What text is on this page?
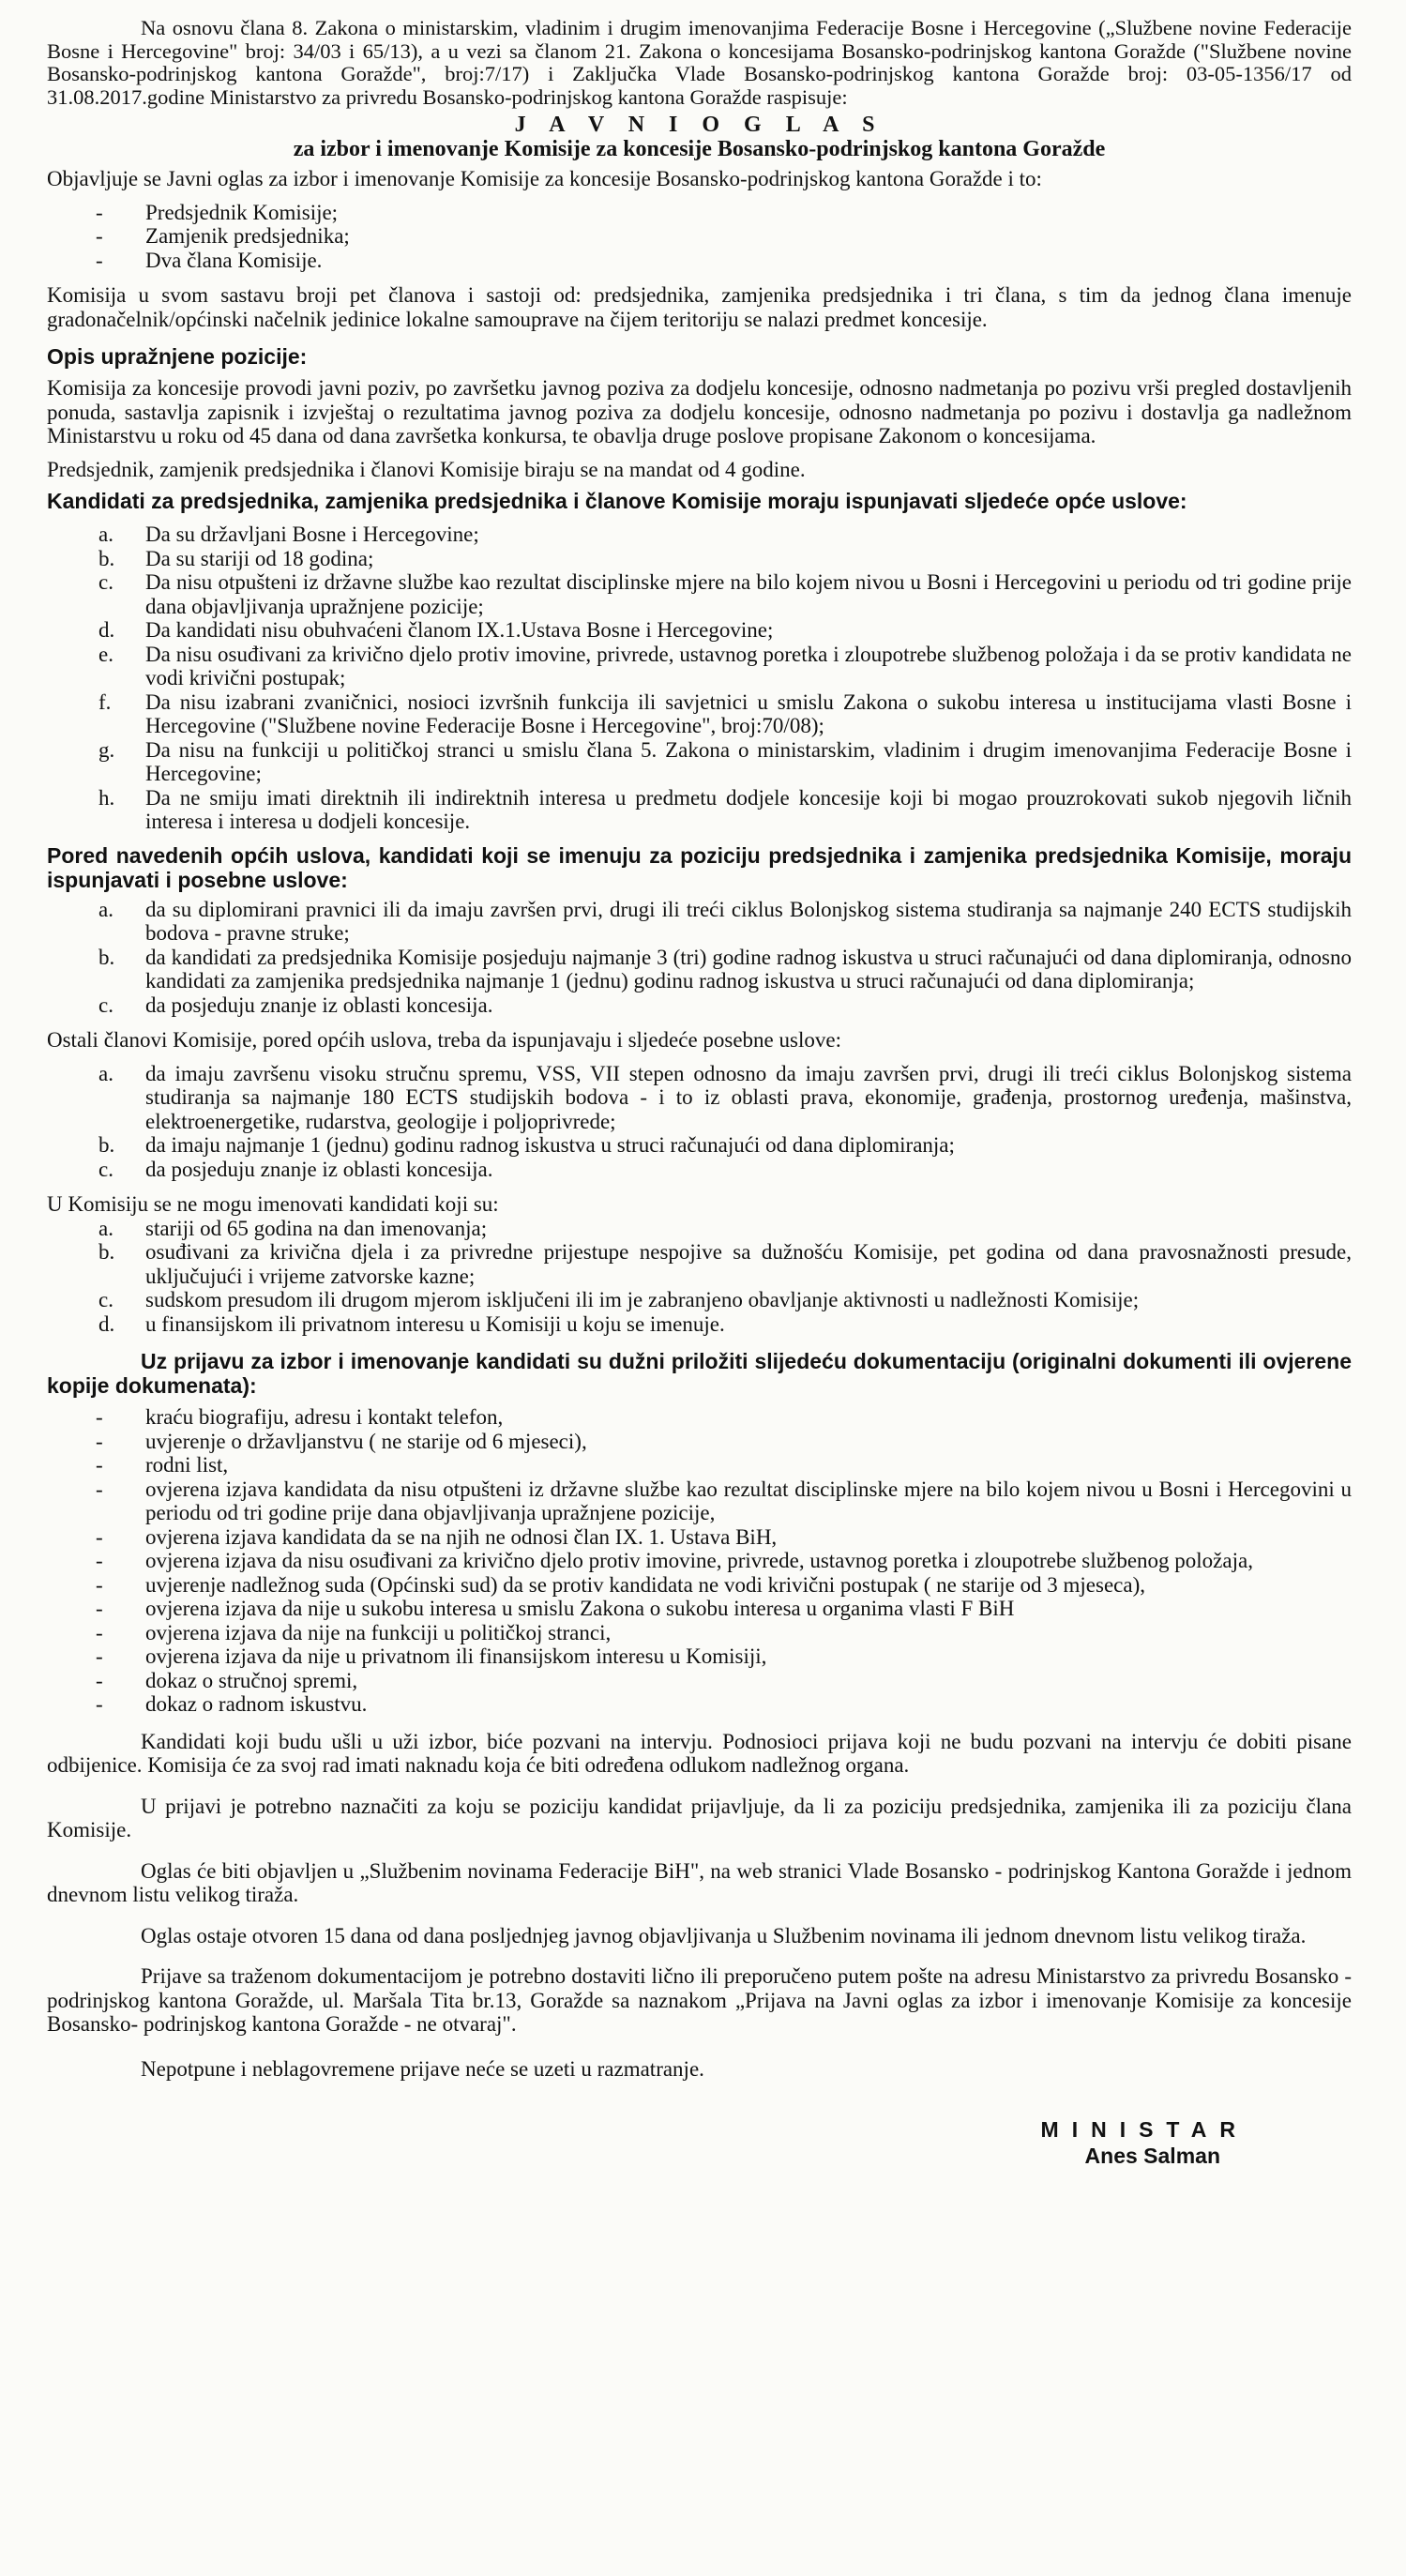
Na osnovu člana 8. Zakona o ministarskim, vladinim i drugim imenovanjima Federacije Bosne i Hercegovine („Službene novine Federacije Bosne i Hercegovine" broj: 34/03 i 65/13), a u vezi sa članom 21. Zakona o koncesijama Bosansko-podrinjskog kantona Goražde ("Službene novine Bosansko-podrinjskog kantona Goražde", broj:7/17) i Zaključka Vlade Bosansko-podrinjskog kantona Goražde broj: 03-05-1356/17 od 31.08.2017.godine Ministarstvo za privredu Bosansko-podrinjskog kantona Goražde raspisuje:

J A V N I O G L A S

za izbor i imenovanje Komisije za koncesije Bosansko-podrinjskog kantona Goražde

Objavljuje se Javni oglas za izbor i imenovanje Komisije za koncesije Bosansko-podrinjskog kantona Goražde i to:

- Predsjednik Komisije;
- Zamjenik predsjednika;
- Dva člana Komisije.

Komisija u svom sastavu broji pet članova i sastoji od: predsjednika, zamjenika predsjednika i tri člana, s tim da jednog člana imenuje gradonačelnik/općinski načelnik jedinice lokalne samouprave na čijem teritoriju se nalazi predmet koncesije.

Opis upražnjene pozicije:

Komisija za koncesije provodi javni poziv, po završetku javnog poziva za dodjelu koncesije, odnosno nadmetanja po pozivu vrši pregled dostavljenih ponuda, sastavlja zapisnik i izvještaj o rezultatima javnog poziva za dodjelu koncesije, odnosno nadmetanja po pozivu i dostavlja ga nadležnom Ministarstvu u roku od 45 dana od dana završetka konkursa, te obavlja druge poslove propisane Zakonom o koncesijama.

Predsjednik, zamjenik predsjednika i članovi Komisije biraju se na mandat od 4 godine.

Kandidati za predsjednika, zamjenika predsjednika i članove Komisije moraju ispunjavati sljedeće opće uslove:

a. Da su državljani Bosne i Hercegovine;
b. Da su stariji od 18 godina;
c. Da nisu otpušteni iz državne službe kao rezultat disciplinske mjere na bilo kojem nivou u Bosni i Hercegovini u periodu od tri godine prije dana objavljivanja upražnjene pozicije;
d. Da kandidati nisu obuhvaćeni članom IX.1.Ustava Bosne i Hercegovine;
e. Da nisu osuđivani za krivično djelo protiv imovine, privrede, ustavnog poretka i zloupotrebe službenog položaja i da se protiv kandidata ne vodi krivični postupak;
f. Da nisu izabrani zvaničnici, nosioci izvršnih funkcija ili savjetnici u smislu Zakona o sukobu interesa u institucijama vlasti Bosne i Hercegovine ("Službene novine Federacije Bosne i Hercegovine", broj:70/08);
g. Da nisu na funkciji u političkoj stranci u smislu člana 5. Zakona o ministarskim, vladinim i drugim imenovanjima Federacije Bosne i Hercegovine;
h. Da ne smiju imati direktnih ili indirektnih interesa u predmetu dodjele koncesije koji bi mogao prouzrokovati sukob njegovih ličnih interesa i interesa u dodjeli koncesije.

Pored navedenih općih uslova, kandidati koji se imenuju za poziciju predsjednika i zamjenika predsjednika Komisije, moraju ispunjavati i posebne uslove:

a. da su diplomirani pravnici ili da imaju završen prvi, drugi ili treći ciklus Bolonjskog sistema studiranja sa najmanje 240 ECTS studijskih bodova - pravne struke;
b. da kandidati za predsjednika Komisije posjeduju najmanje 3 (tri) godine radnog iskustva u struci računajući od dana diplomiranja, odnosno kandidati za zamjenika predsjednika najmanje 1 (jednu) godinu radnog iskustva u struci računajući od dana diplomiranja;
c. da posjeduju znanje iz oblasti koncesija.

Ostali članovi Komisije, pored općih uslova, treba da ispunjavaju i sljedeće posebne uslove:

a. da imaju završenu visoku stručnu spremu, VSS, VII stepen odnosno da imaju završen prvi, drugi ili treći ciklus Bolonjskog sistema studiranja sa najmanje 180 ECTS studijskih bodova - i to iz oblasti prava, ekonomije, građenja, prostornog uređenja, mašinstva, elektroenergetike, rudarstva, geologije i poljoprivrede;
b. da imaju najmanje 1 (jednu) godinu radnog iskustva u struci računajući od dana diplomiranja;
c. da posjeduju znanje iz oblasti koncesija.

U Komisiju se ne mogu imenovati kandidati koji su:

a. stariji od 65 godina na dan imenovanja;
b. osuđivani za krivična djela i za privredne prijestupe nespojive sa dužnošću Komisije, pet godina od dana pravosnažnosti presude, uključujući i vrijeme zatvorske kazne;
c. sudskom presudom ili drugom mjerom isključeni ili im je zabranjeno obavljanje aktivnosti u nadležnosti Komisije;
d. u finansijskom ili privatnom interesu u Komisiji u koju se imenuje.

Uz prijavu za izbor i imenovanje kandidati su dužni priložiti slijedeću dokumentaciju (originalni dokumenti ili ovjerene kopije dokumenata):

- kraću biografiju, adresu i kontakt telefon,
- uvjerenje o državljanstvu ( ne starije od 6 mjeseci),
- rodni list,
- ovjerena izjava kandidata da nisu otpušteni iz državne službe kao rezultat disciplinske mjere na bilo kojem nivou u Bosni i Hercegovini u periodu od tri godine prije dana objavljivanja upražnjene pozicije,
- ovjerena izjava kandidata da se na njih ne odnosi član IX. 1. Ustava BiH,
- ovjerena izjava da nisu osuđivani za krivično djelo protiv imovine, privrede, ustavnog poretka i zloupotrebe službenog položaja,
- uvjerenje nadležnog suda (Općinski sud) da se protiv kandidata ne vodi krivični postupak ( ne starije od 3 mjeseca),
- ovjerena izjava da nije u sukobu interesa u smislu Zakona o sukobu interesa u organima vlasti F BiH
- ovjerena izjava da nije na funkciji u političkoj stranci,
- ovjerena izjava da nije u privatnom ili finansijskom interesu u Komisiji,
- dokaz o stručnoj spremi,
- dokaz o radnom iskustvu.

Kandidati koji budu ušli u uži izbor, biće pozvani na intervju. Podnosioci prijava koji ne budu pozvani na intervju će dobiti pisane odbijenice. Komisija će za svoj rad imati naknadu koja će biti određena odlukom nadležnog organa.

U prijavi je potrebno naznačiti za koju se poziciju kandidat prijavljuje, da li za poziciju predsjednika, zamjenika ili za poziciju člana Komisije.

Oglas će biti objavljen u „Službenim novinama Federacije BiH", na web stranici Vlade Bosansko - podrinjskog Kantona Goražde i jednom dnevnom listu velikog tiraža.

Oglas ostaje otvoren 15 dana od dana posljednjeg javnog objavljivanja u Službenim novinama ili jednom dnevnom listu velikog tiraža.

Prijave sa traženom dokumentacijom je potrebno dostaviti lično ili preporučeno putem pošte na adresu Ministarstvo za privredu Bosansko - podrinjskog kantona Goražde, ul. Maršala Tita br.13, Goražde sa naznakom „Prijava na Javni oglas za izbor i imenovanje Komisije za koncesije Bosansko- podrinjskog kantona Goražde - ne otvaraj".

Nepotpune i neblagovremene prijave neće se uzeti u razmatranje.

MINISTAR
Anes Salman
